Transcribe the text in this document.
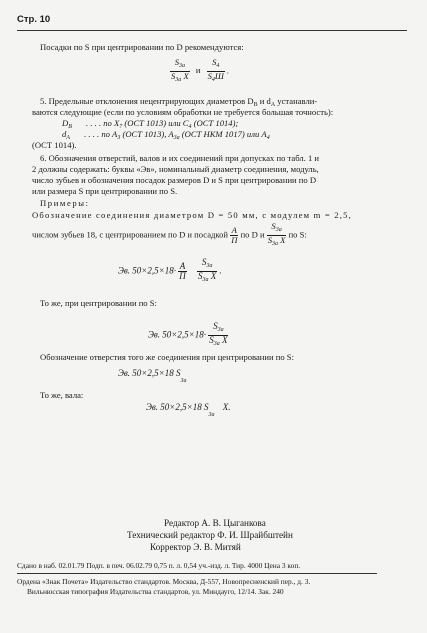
Стр. 10
Посадки по S при центрировании по D рекомендуются:
$\frac{S_{3a}}{S_{3a} X}$ и $\frac{S_4}{S_4Ш}$ .
5. Предельные отклонения нецентрирующих диаметров $D_В$ и $d_A$ устанавли-
ваются следующие (если по условиям обработки не требуется большая точность):
$D_B$ . . . . по $X_7$ (ОСТ 1013) или $C_4$ (ОСТ 1014);
$d_A$ . . . . по $A_3$ (ОСТ 1013), $A_{3a}$ (ОСТ НКМ 1017) или $A_4$
(ОСТ 1014).
6. Обозначения отверстий, валов и их соединений при допусках по табл. 1 и
2 должны содержать: буквы «Эв», номинальный диаметр соединения, модуль,
число зубьев и обозначения посадок размеров D и S при центрировании по D
или размера S при центрировании по S.
Примеры:
Обозначение соединения диаметром D = 50 мм, с модулем m = 2,5,
числом зубьев 18, с центрированием по D и посадкой $\frac{A}{П}$ по D и $\frac{S_{3a}}{S_{3a} X}$ по S:
Эв. $50\times 2,5\times 18\cdot \frac{A}{П}$
$\frac{S_{3a}}{S_{3a} X}$ .
То же, при центрировании по S:
Эв. $50\times 2,5\times 18\cdot \frac{S_{3a}}{S_{3a} X}$
Обозначение отверстия того же соединения при центрировании по S:
Эв. 50×2,5×18 $S_{3a}$
То же, вала:
Эв. 50×2,5×18 $S_{3a}$ X.
Редактор А. В. Цыганкова
Технический редактор Ф. И. Шрайбштейн
Корректор Э. В. Митяй
Сдано в наб. 02.01.79 Подп. в печ. 06.02.79 0,75 п. л. 0,54 уч.-изд. л. Тир. 4000 Цена 3 коп.
Ордена «Знак Почета» Издательство стандартов. Москва, Д-557, Новопресненский пер., д. 3.
Вильнюсская типография Издательства стандартов, ул. Миндауго, 12/14. Зак. 240
